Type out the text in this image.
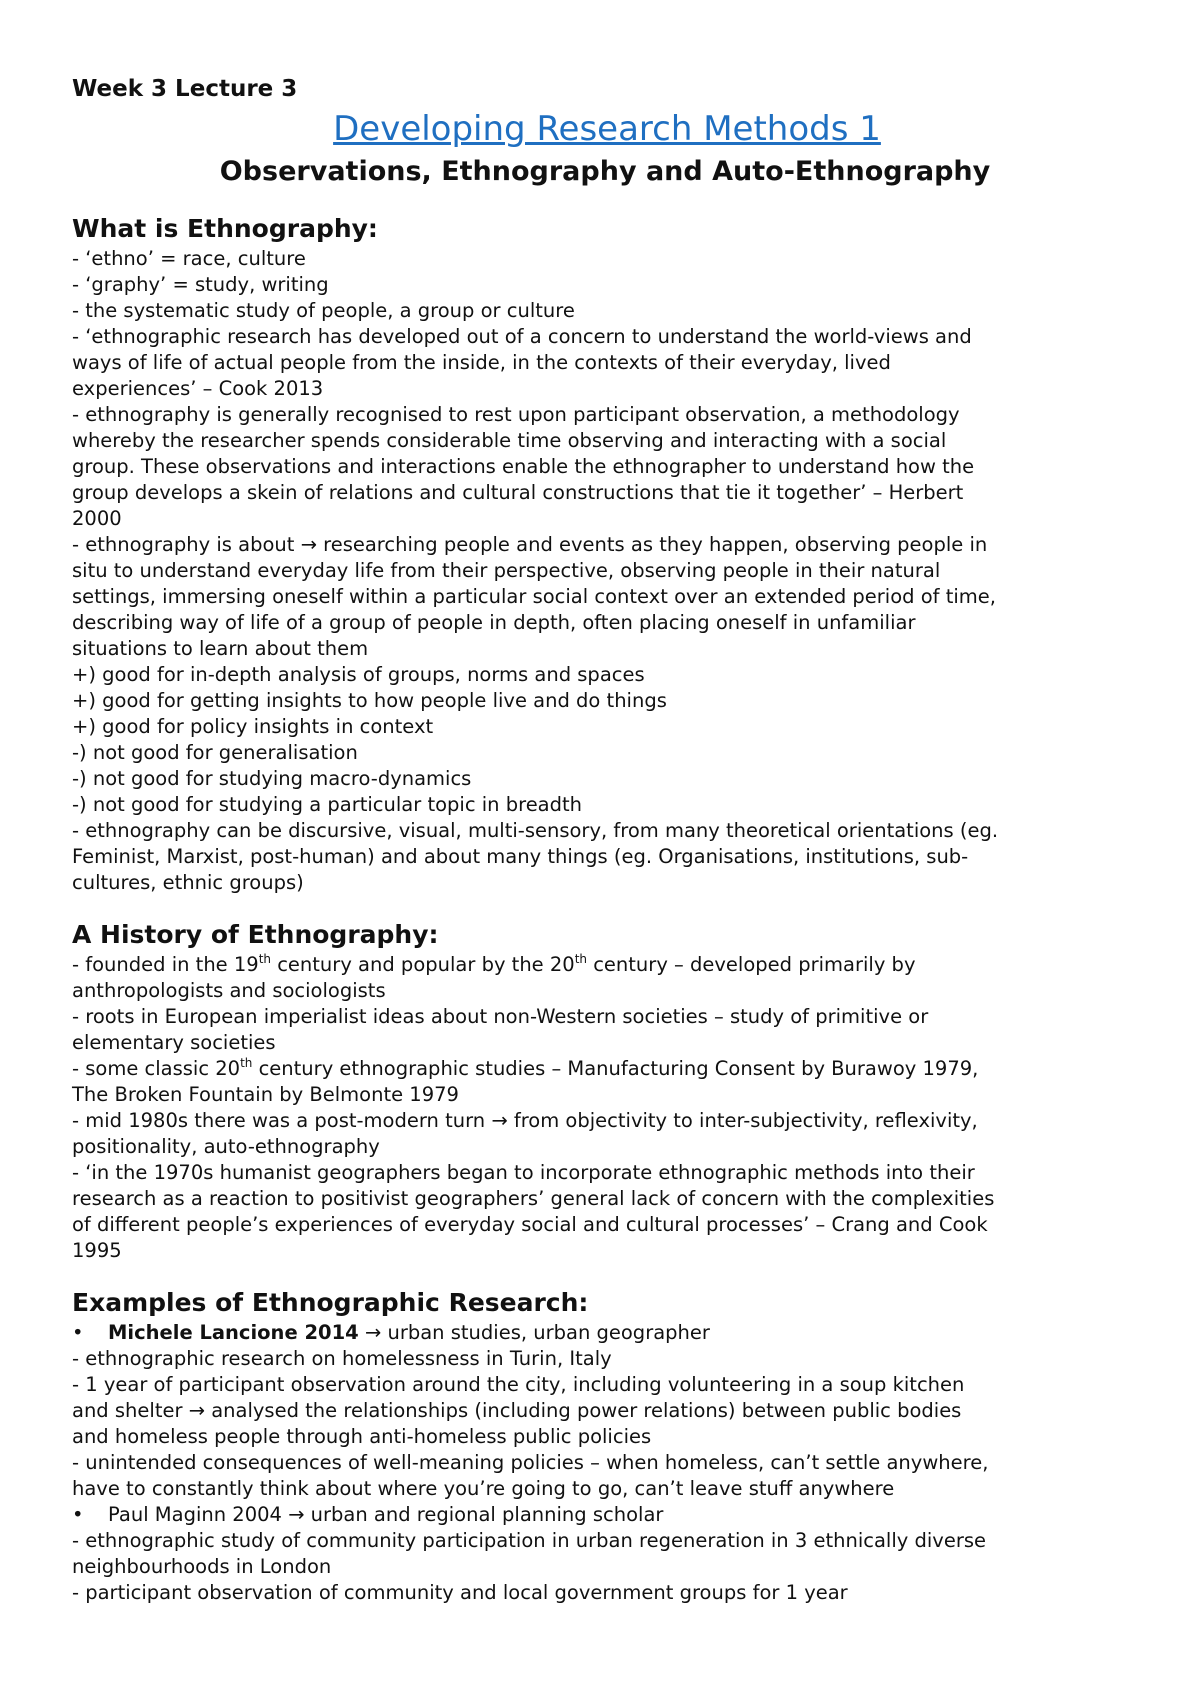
Week 3 Lecture 3
Developing Research Methods 1
Observations, Ethnography and Auto-Ethnography
What is Ethnography:
- ‘ethno’ = race, culture
- ‘graphy’ = study, writing
- the systematic study of people, a group or culture
- ‘ethnographic research has developed out of a concern to understand the world-views and
ways of life of actual people from the inside, in the contexts of their everyday, lived
experiences’ – Cook 2013
- ethnography is generally recognised to rest upon participant observation, a methodology
whereby the researcher spends considerable time observing and interacting with a social
group. These observations and interactions enable the ethnographer to understand how the
group develops a skein of relations and cultural constructions that tie it together’ – Herbert
2000
- ethnography is about → researching people and events as they happen, observing people in
situ to understand everyday life from their perspective, observing people in their natural
settings, immersing oneself within a particular social context over an extended period of time,
describing way of life of a group of people in depth, often placing oneself in unfamiliar
situations to learn about them
+) good for in-depth analysis of groups, norms and spaces
+) good for getting insights to how people live and do things
+) good for policy insights in context
-) not good for generalisation
-) not good for studying macro-dynamics
-) not good for studying a particular topic in breadth
- ethnography can be discursive, visual, multi-sensory, from many theoretical orientations (eg.
Feminist, Marxist, post-human) and about many things (eg. Organisations, institutions, sub-
cultures, ethnic groups)
A History of Ethnography:
- founded in the 19th century and popular by the 20th century – developed primarily by
anthropologists and sociologists
- roots in European imperialist ideas about non-Western societies – study of primitive or
elementary societies
- some classic 20th century ethnographic studies – Manufacturing Consent by Burawoy 1979,
The Broken Fountain by Belmonte 1979
- mid 1980s there was a post-modern turn → from objectivity to inter-subjectivity, reflexivity,
positionality, auto-ethnography
- ‘in the 1970s humanist geographers began to incorporate ethnographic methods into their
research as a reaction to positivist geographers’ general lack of concern with the complexities
of different people’s experiences of everyday social and cultural processes’ – Crang and Cook
1995
Examples of Ethnographic Research:
• Michele Lancione 2014 → urban studies, urban geographer
- ethnographic research on homelessness in Turin, Italy
- 1 year of participant observation around the city, including volunteering in a soup kitchen
and shelter → analysed the relationships (including power relations) between public bodies
and homeless people through anti-homeless public policies
- unintended consequences of well-meaning policies – when homeless, can’t settle anywhere,
have to constantly think about where you’re going to go, can’t leave stuff anywhere
• Paul Maginn 2004 → urban and regional planning scholar
- ethnographic study of community participation in urban regeneration in 3 ethnically diverse
neighbourhoods in London
- participant observation of community and local government groups for 1 year
